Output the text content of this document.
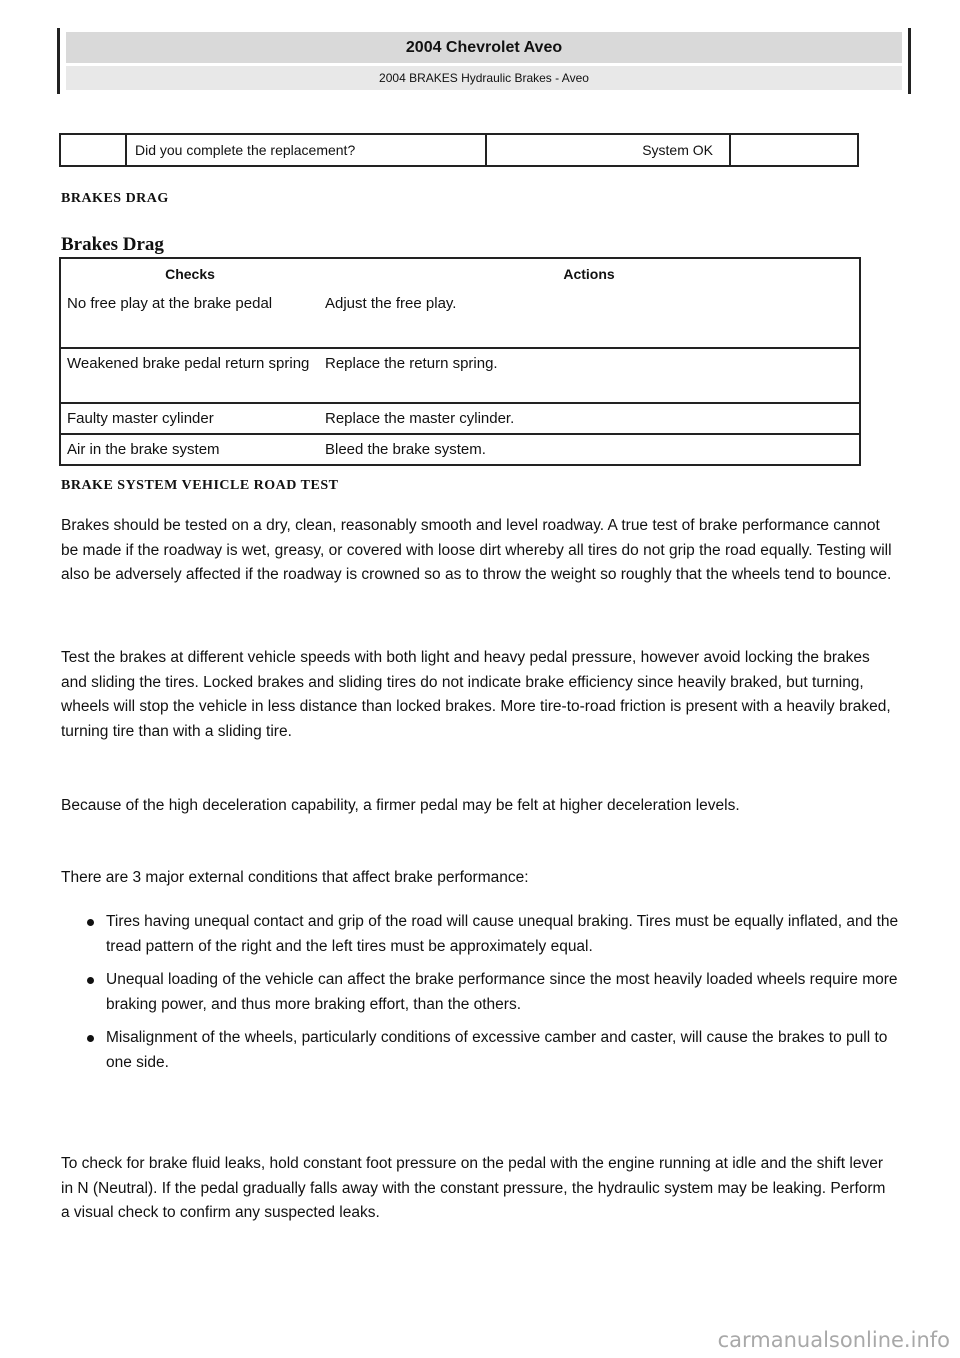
2004 Chevrolet Aveo
2004 BRAKES Hydraulic Brakes - Aveo
	Did you complete the replacement?	System OK	
BRAKES DRAG
Brakes Drag
Checks	Actions
No free play at the brake pedal	Adjust the free play.
Weakened brake pedal return spring	Replace the return spring.
Faulty master cylinder	Replace the master cylinder.
Air in the brake system	Bleed the brake system.
BRAKE SYSTEM VEHICLE ROAD TEST

Brakes should be tested on a dry, clean, reasonably smooth and level roadway. A true test of brake performance cannot be made if the roadway is wet, greasy, or covered with loose dirt whereby all tires do not grip the road equally. Testing will also be adversely affected if the roadway is crowned so as to throw the weight so roughly that the wheels tend to bounce.

Test the brakes at different vehicle speeds with both light and heavy pedal pressure, however avoid locking the brakes and sliding the tires. Locked brakes and sliding tires do not indicate brake efficiency since heavily braked, but turning, wheels will stop the vehicle in less distance than locked brakes. More tire-to-road friction is present with a heavily braked, turning tire than with a sliding tire.

Because of the high deceleration capability, a firmer pedal may be felt at higher deceleration levels.

There are 3 major external conditions that affect brake performance:

Tires having unequal contact and grip of the road will cause unequal braking. Tires must be equally inflated, and the tread pattern of the right and the left tires must be approximately equal.
Unequal loading of the vehicle can affect the brake performance since the most heavily loaded wheels require more braking power, and thus more braking effort, than the others.
Misalignment of the wheels, particularly conditions of excessive camber and caster, will cause the brakes to pull to one side.

To check for brake fluid leaks, hold constant foot pressure on the pedal with the engine running at idle and the shift lever in N (Neutral). If the pedal gradually falls away with the constant pressure, the hydraulic system may be leaking. Perform a visual check to confirm any suspected leaks.

carmanualsonline.info
